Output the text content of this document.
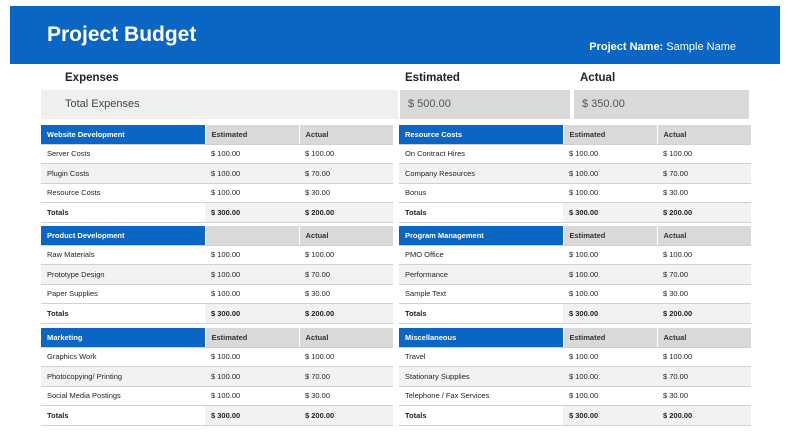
Project Budget
Project Name: Sample Name
Expenses	Estimated	Actual
Total Expenses	$ 500.00	$ 350.00
Website Development	Estimated	Actual
Server Costs	$ 100.00	$ 100.00
Plugin Costs	$ 100.00	$ 70.00
Resource Costs	$ 100.00	$ 30.00
Totals	$ 300.00	$ 200.00
Resource Costs	Estimated	Actual
On Contract Hires	$ 100.00	$ 100.00
Company Resources	$ 100.00	$ 70.00
Bonus	$ 100.00	$ 30.00
Totals	$ 300.00	$ 200.00
Product Development		Actual
Raw Materials	$ 100.00	$ 100.00
Prototype Design	$ 100.00	$ 70.00
Paper Supplies	$ 100.00	$ 30.00
Totals	$ 300.00	$ 200.00
Program Management	Estimated	Actual
PMO Office	$ 100.00	$ 100.00
Performance	$ 100.00	$ 70.00
Sample Text	$ 100.00	$ 30.00
Totals	$ 300.00	$ 200.00
Marketing	Estimated	Actual
Graphics Work	$ 100.00	$ 100.00
Photocopying/ Printing	$ 100.00	$ 70.00
Social Media Postings	$ 100.00	$ 30.00
Totals	$ 300.00	$ 200.00
Miscellaneous	Estimated	Actual
Travel	$ 100.00	$ 100.00
Stationary Supplies	$ 100.00	$ 70.00
Telephone / Fax Services	$ 100.00	$ 30.00
Totals	$ 300.00	$ 200.00
